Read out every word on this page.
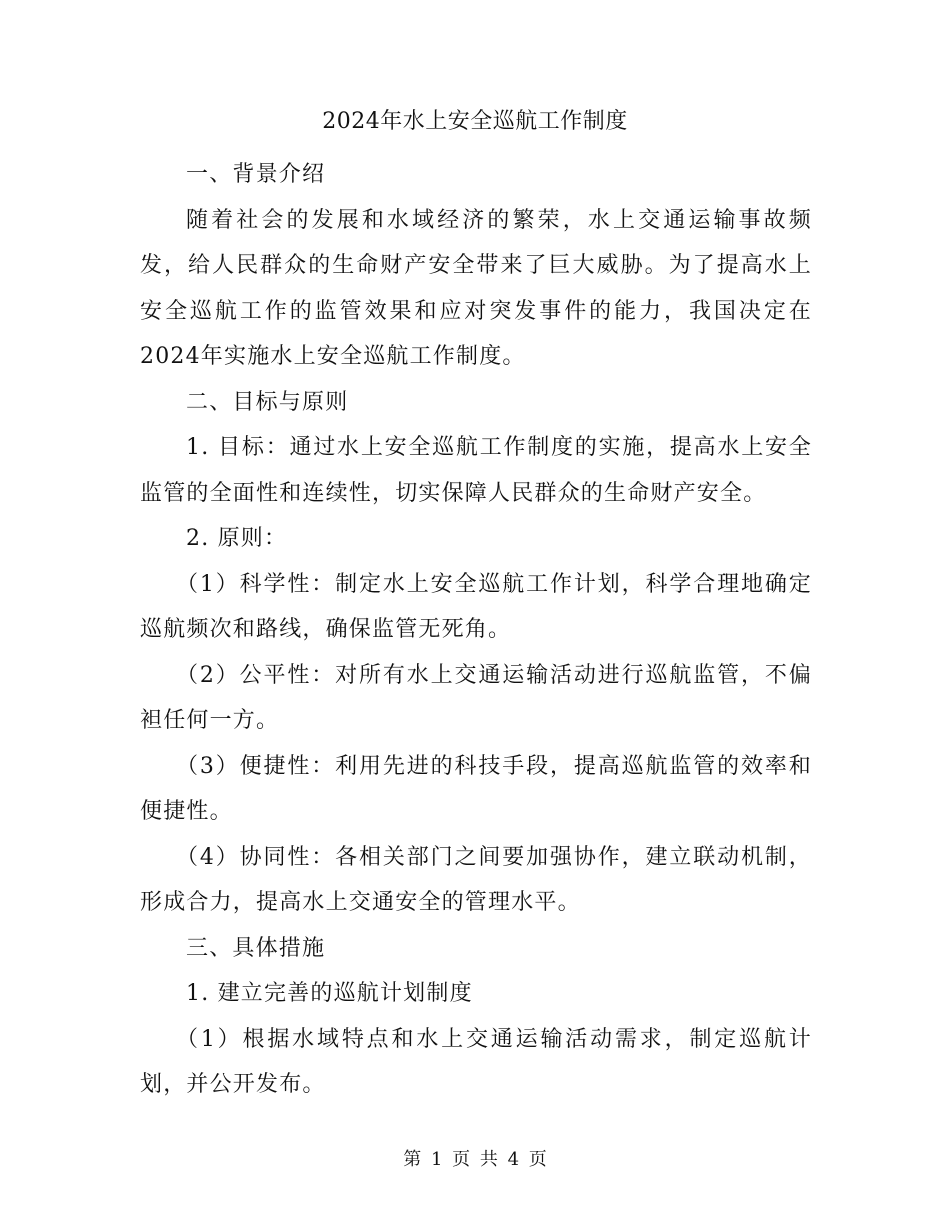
2024年水上安全巡航工作制度

一、背景介绍

随着社会的发展和水域经济的繁荣，水上交通运输事故频发，给人民群众的生命财产安全带来了巨大威胁。为了提高水上安全巡航工作的监管效果和应对突发事件的能力，我国决定在2024年实施水上安全巡航工作制度。

二、目标与原则

1. 目标：通过水上安全巡航工作制度的实施，提高水上安全监管的全面性和连续性，切实保障人民群众的生命财产安全。

2. 原则：

（1）科学性：制定水上安全巡航工作计划，科学合理地确定巡航频次和路线，确保监管无死角。

（2）公平性：对所有水上交通运输活动进行巡航监管，不偏袒任何一方。

（3）便捷性：利用先进的科技手段，提高巡航监管的效率和便捷性。

（4）协同性：各相关部门之间要加强协作，建立联动机制，形成合力，提高水上交通安全的管理水平。

三、具体措施

1. 建立完善的巡航计划制度

（1）根据水域特点和水上交通运输活动需求，制定巡航计划，并公开发布。

第 1 页 共 4 页
